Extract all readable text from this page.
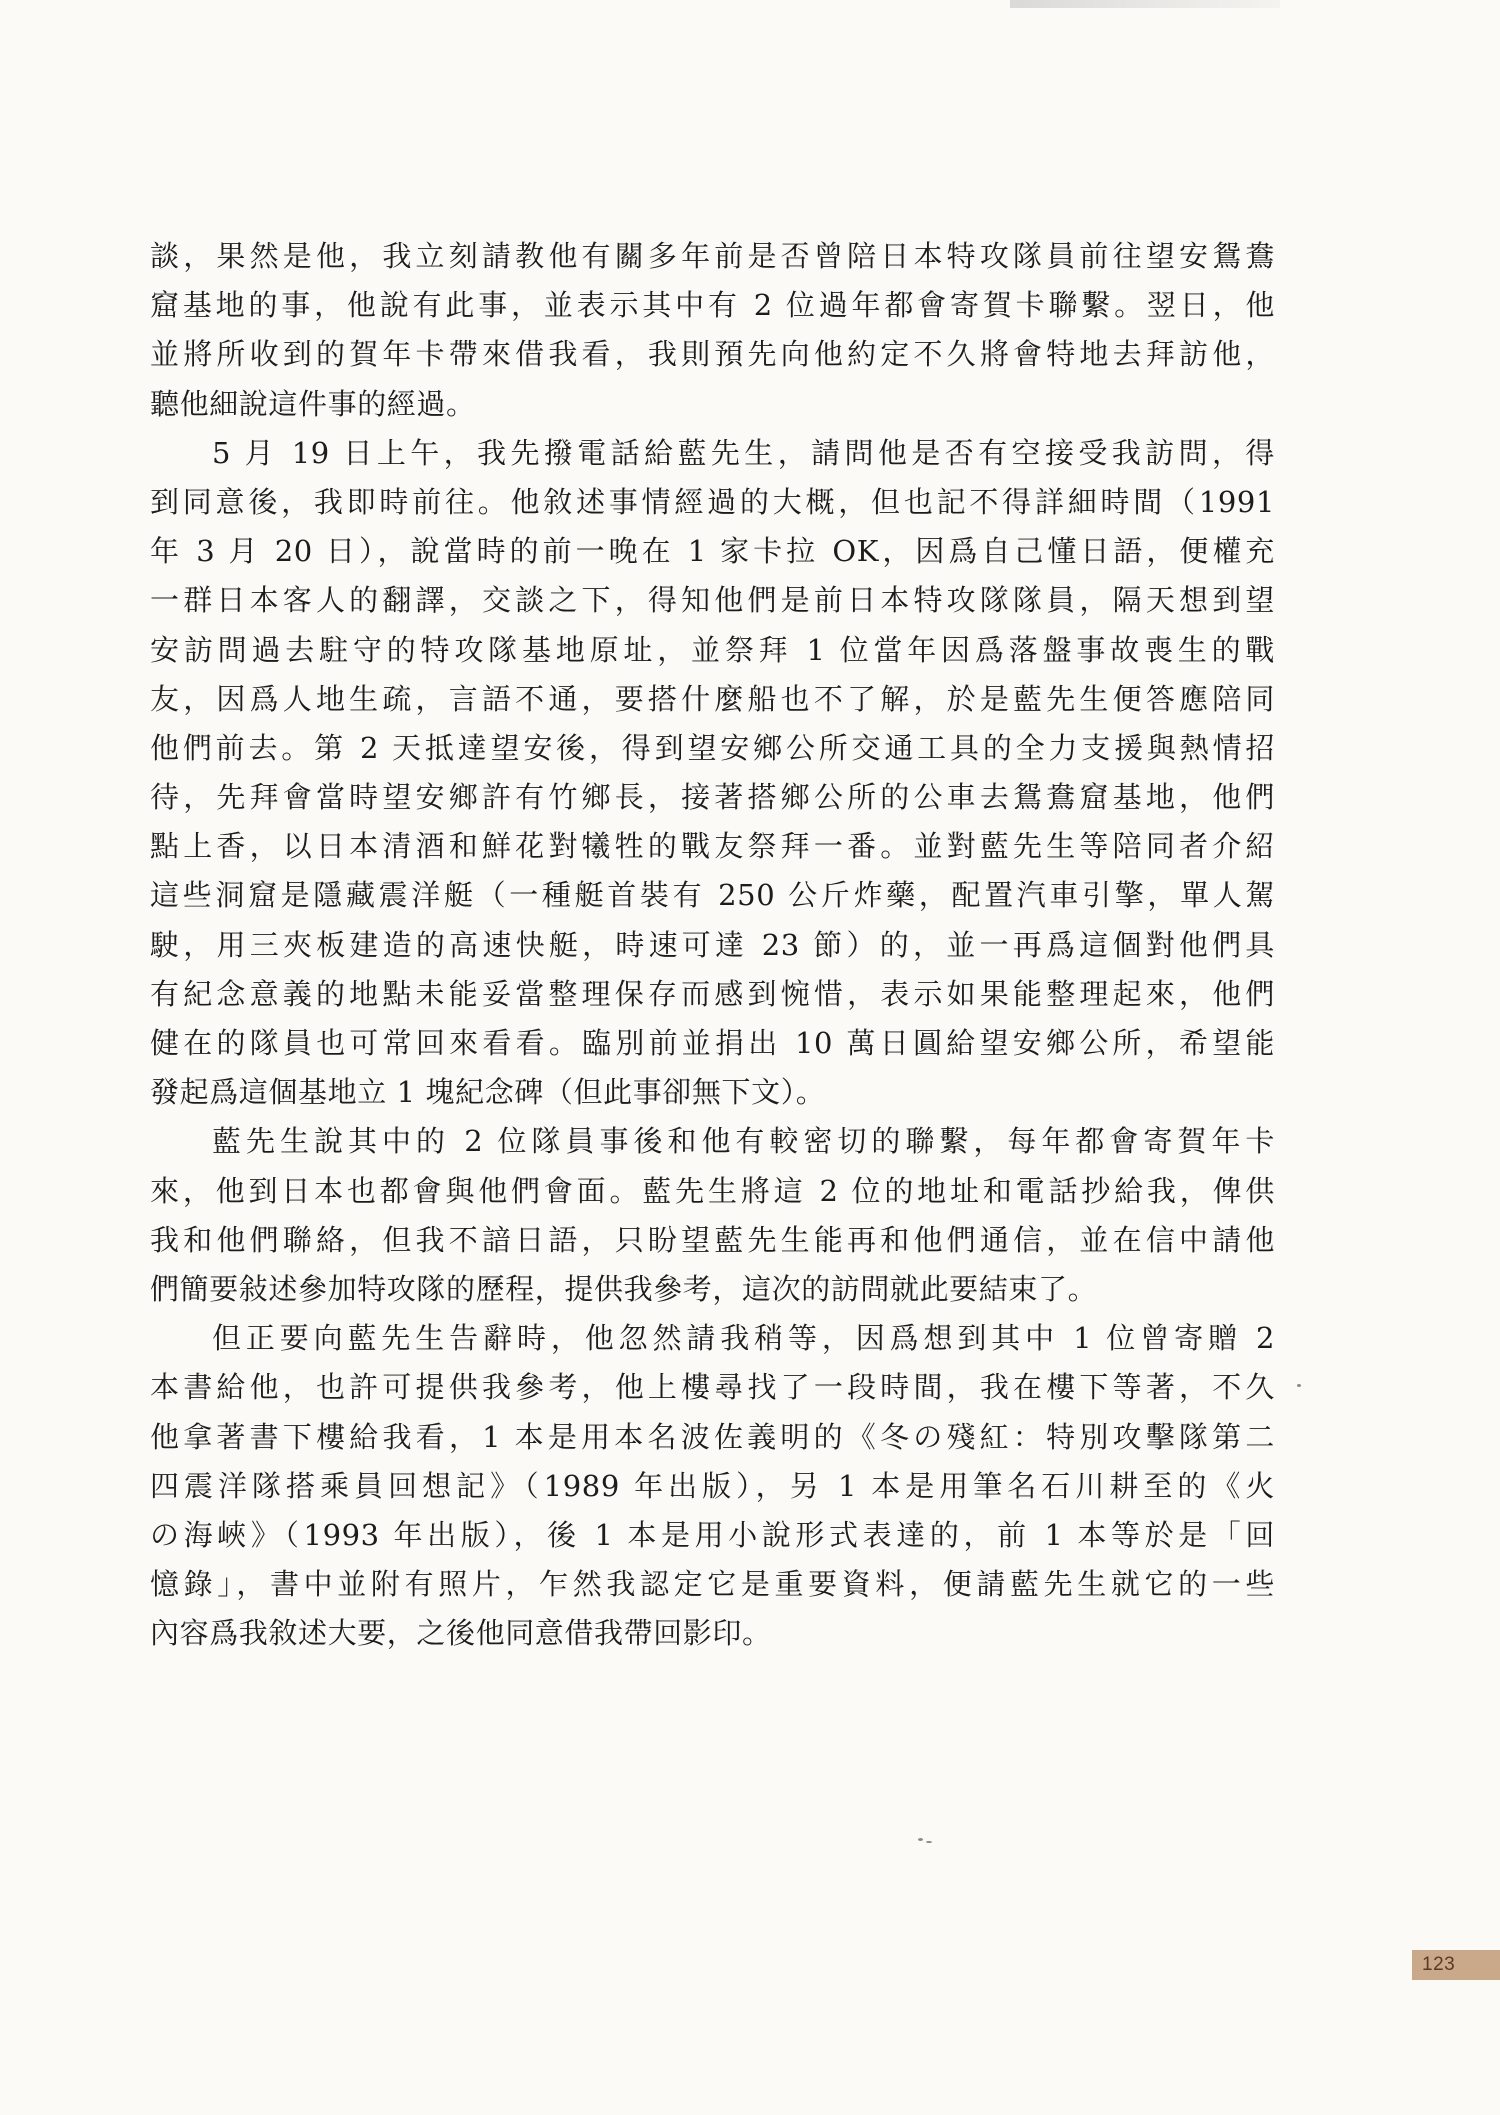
談，果然是他，我立刻請教他有關多年前是否曾陪日本特攻隊員前往望安鴛鴦
窟基地的事，他說有此事，並表示其中有 2 位過年都會寄賀卡聯繫。翌日，他
並將所收到的賀年卡帶來借我看，我則預先向他約定不久將會特地去拜訪他，
聽他細說這件事的經過。
5 月 19 日上午，我先撥電話給藍先生，請問他是否有空接受我訪問，得
到同意後，我即時前往。他敘述事情經過的大概，但也記不得詳細時間（1991
年 3 月 20 日），說當時的前一晚在 1 家卡拉 OK，因爲自己懂日語，便權充
一群日本客人的翻譯，交談之下，得知他們是前日本特攻隊隊員，隔天想到望
安訪問過去駐守的特攻隊基地原址，並祭拜 1 位當年因爲落盤事故喪生的戰
友，因爲人地生疏，言語不通，要搭什麼船也不了解，於是藍先生便答應陪同
他們前去。第 2 天抵達望安後，得到望安鄉公所交通工具的全力支援與熱情招
待，先拜會當時望安鄉許有竹鄉長，接著搭鄉公所的公車去鴛鴦窟基地，他們
點上香，以日本清酒和鮮花對犧牲的戰友祭拜一番。並對藍先生等陪同者介紹
這些洞窟是隱藏震洋艇（一種艇首裝有 250 公斤炸藥，配置汽車引擎，單人駕
駛，用三夾板建造的高速快艇，時速可達 23 節）的，並一再爲這個對他們具
有紀念意義的地點未能妥當整理保存而感到惋惜，表示如果能整理起來，他們
健在的隊員也可常回來看看。臨別前並捐出 10 萬日圓給望安鄉公所，希望能
發起爲這個基地立 1 塊紀念碑（但此事卻無下文）。
藍先生說其中的 2 位隊員事後和他有較密切的聯繫，每年都會寄賀年卡
來，他到日本也都會與他們會面。藍先生將這 2 位的地址和電話抄給我，俾供
我和他們聯絡，但我不諳日語，只盼望藍先生能再和他們通信，並在信中請他
們簡要敍述參加特攻隊的歷程，提供我參考，這次的訪問就此要結束了。
但正要向藍先生告辭時，他忽然請我稍等，因爲想到其中 1 位曾寄贈 2
本書給他，也許可提供我參考，他上樓尋找了一段時間，我在樓下等著，不久
他拿著書下樓給我看，1 本是用本名波佐義明的《冬の殘紅：特別攻擊隊第二
四震洋隊搭乘員回想記》（1989 年出版），另 1 本是用筆名石川耕至的《火
の海峽》（1993 年出版），後 1 本是用小說形式表達的，前 1 本等於是「回
憶錄」，書中並附有照片，乍然我認定它是重要資料，便請藍先生就它的一些
內容爲我敘述大要，之後他同意借我帶回影印。
123
